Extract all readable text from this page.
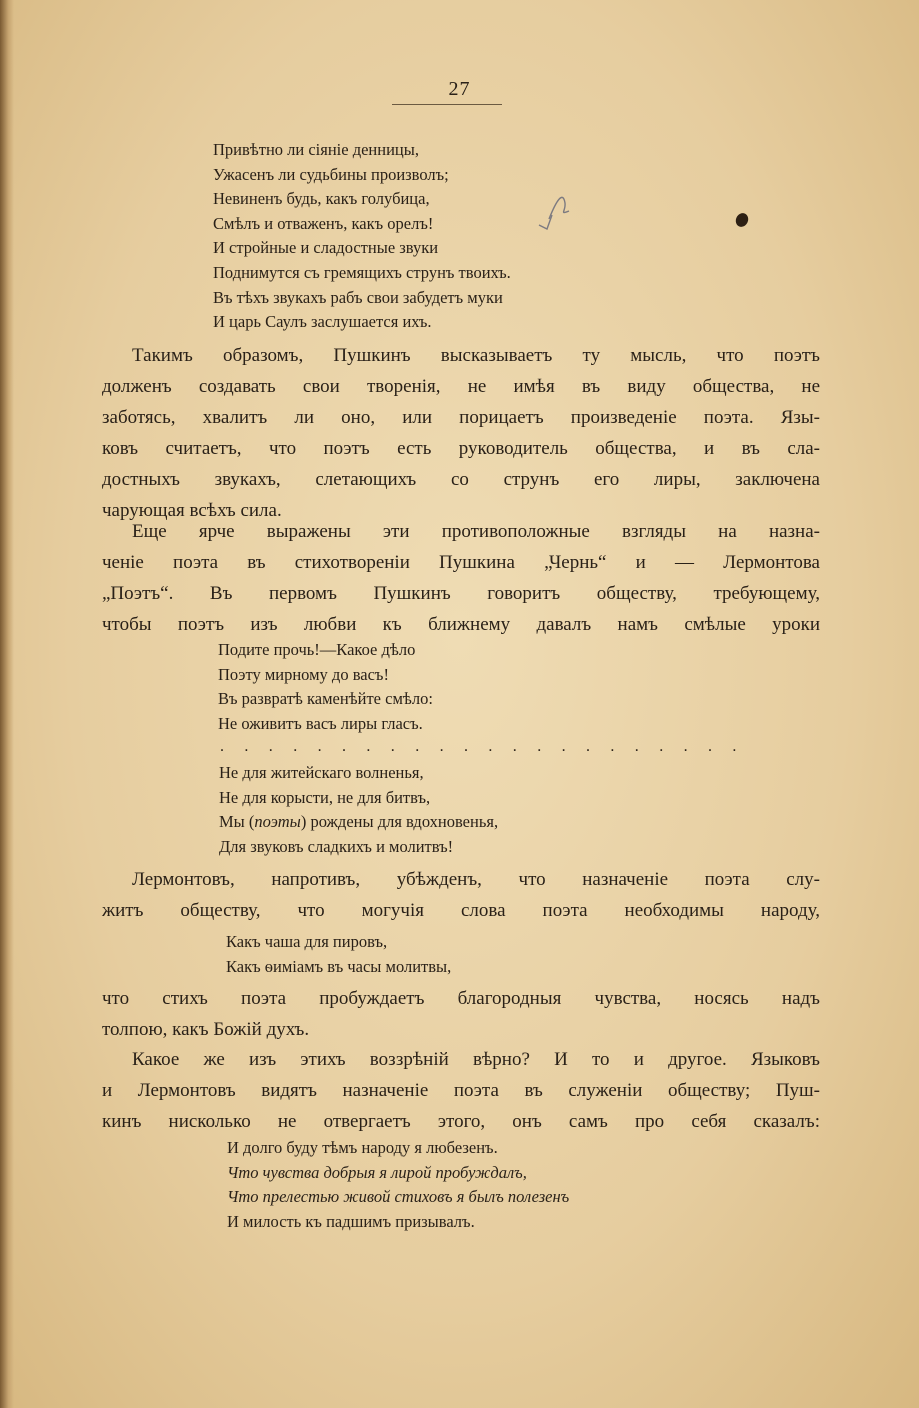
27
Привѣтно ли сіяніе денницы,
Ужасенъ ли судьбины произволъ;
Невиненъ будь, какъ голубица,
Смѣлъ и отваженъ, какъ орелъ!
И стройные и сладостные звуки
Поднимутся съ гремящихъ струнъ твоихъ.
Въ тѣхъ звукахъ рабъ свои забудетъ муки
И царь Саулъ заслушается ихъ.
Такимъ образомъ, Пушкинъ высказываетъ ту мысль, что поэтъ
долженъ создавать свои творенія, не имѣя въ виду общества, не
заботясь, хвалитъ ли оно, или порицаетъ произведеніе поэта. Язы-
ковъ считаетъ, что поэтъ есть руководитель общества, и въ сла-
достныхъ звукахъ, слетающихъ со струнъ его лиры, заключена
чарующая всѣхъ сила.
Еще ярче выражены эти противоположные взгляды на назна-
ченіе поэта въ стихотвореніи Пушкина „Чернь“ и — Лермонтова
„Поэтъ“. Въ первомъ Пушкинъ говоритъ обществу, требующему,
чтобы поэтъ изъ любви къ ближнему давалъ намъ смѣлые уроки
Подите прочь!—Какое дѣло
Поэту мирному до васъ!
Въ развратѣ каменѣйте смѣло:
Не оживитъ васъ лиры гласъ.
. . . . . . . . . . . . . . . . . . . . . .
Не для житейскаго волненья,
Не для корысти, не для битвъ,
Мы (поэты) рождены для вдохновенья,
Для звуковъ сладкихъ и молитвъ!
Лермонтовъ, напротивъ, убѣжденъ, что назначеніе поэта слу-
житъ обществу, что могучія слова поэта необходимы народу,
Какъ чаша для пировъ,
Какъ ѳиміамъ въ часы молитвы,
что стихъ поэта пробуждаетъ благородныя чувства, носясь надъ
толпою, какъ Божій духъ.
Какое же изъ этихъ воззрѣній вѣрно? И то и другое. Языковъ
и Лермонтовъ видятъ назначеніе поэта въ служеніи обществу; Пуш-
кинъ нисколько не отвергаетъ этого, онъ самъ про себя сказалъ:
И долго буду тѣмъ народу я любезенъ.
Что чувства добрыя я лирой пробуждалъ,
Что прелестью живой стиховъ я былъ полезенъ
И милость къ падшимъ призывалъ.
